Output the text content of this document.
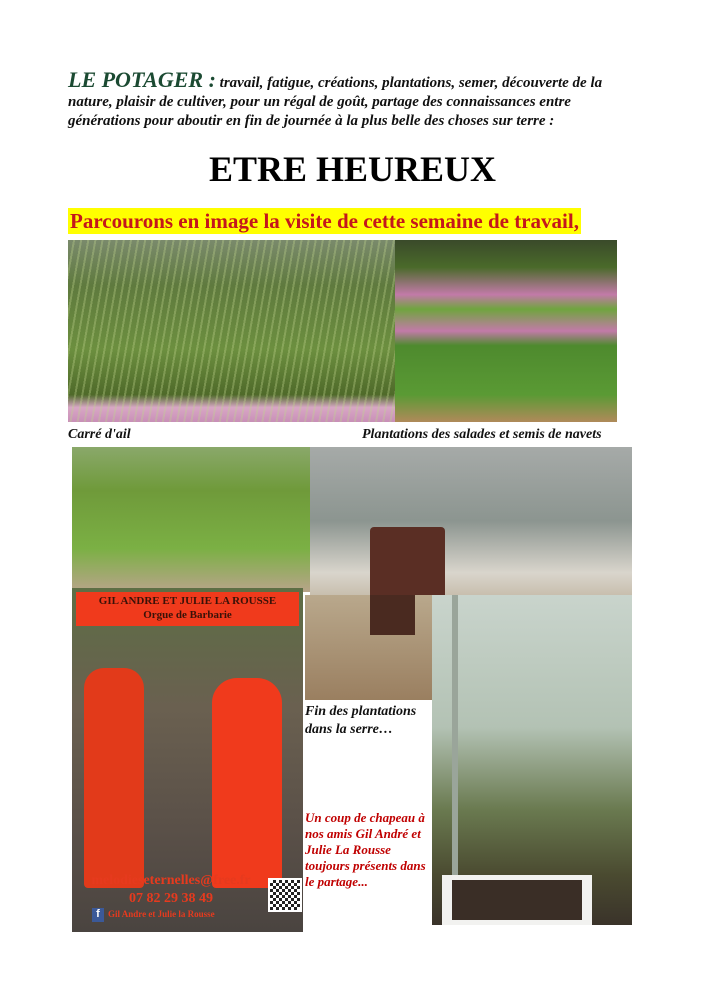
LE POTAGER : travail, fatigue, créations, plantations, semer, découverte de la nature, plaisir de cultiver, pour un régal de goût, partage des connaissances entre générations pour aboutir en fin de journée à la plus belle des choses sur terre :
ETRE HEUREUX
Parcourons en image la visite de cette semaine de travail,
Carré d'ail	Plantations des salades et semis de navets
GIL ANDRE ET JULIE LA ROUSSE
Orgue de Barbarie
melodieseternelles@free.fr
07 82 29 38 49
f Gil Andre et Julie la Rousse
Fin des plantations dans la serre…
Un coup de chapeau à nos amis Gil André et Julie La Rousse toujours présents dans le partage...
